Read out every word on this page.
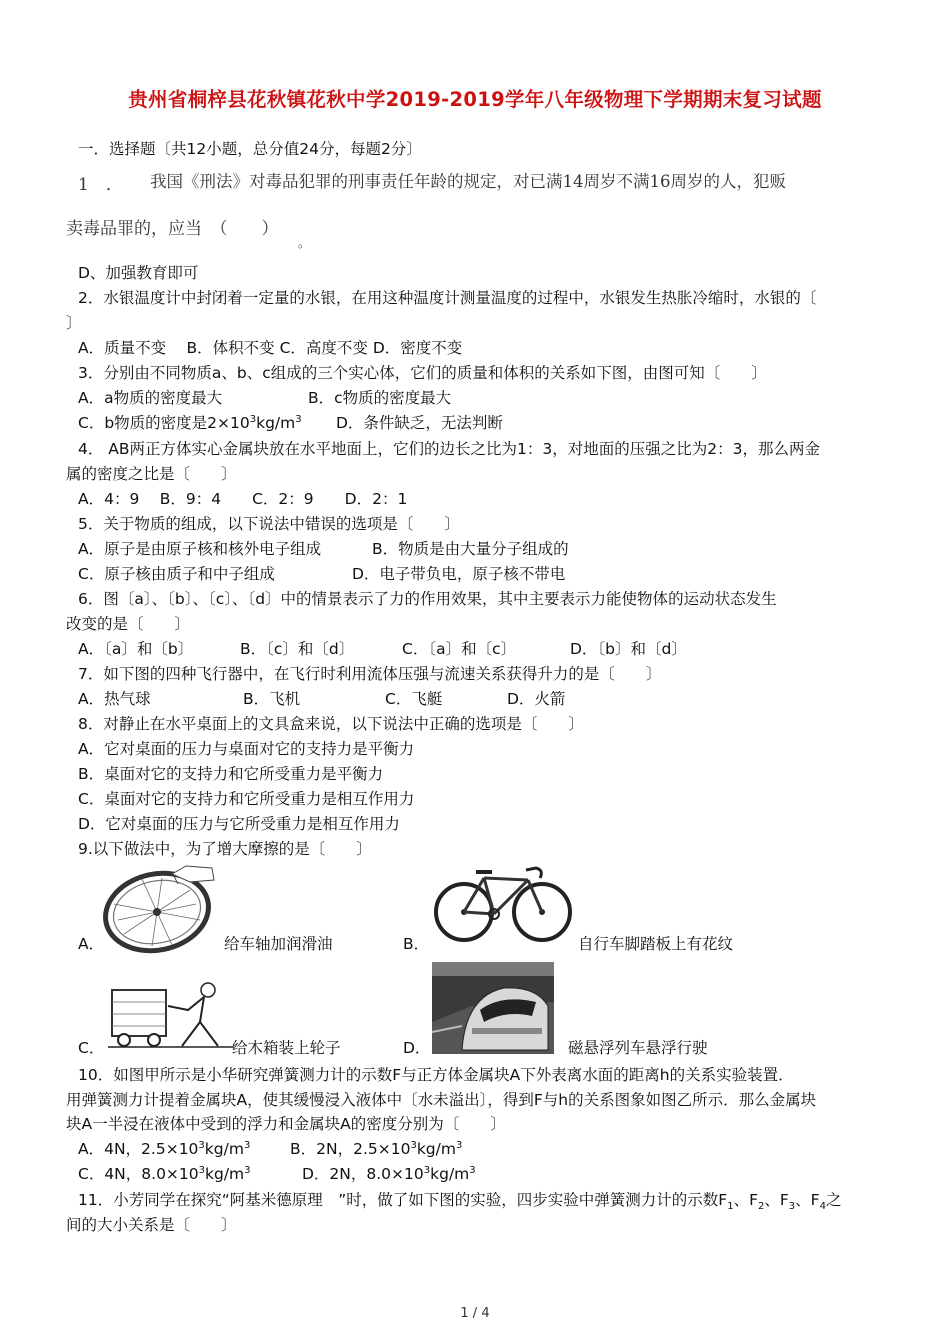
贵州省桐梓县花秋镇花秋中学2019-2019学年八年级物理下学期期末复习试题
一．选择题〔共12小题，总分值24分，每题2分〕
1　． 我国《刑法》对毒品犯罪的刑事责任年龄的规定，对已满14周岁不满16周岁的人，犯贩
卖毒品罪的，应当　（　　）
。
D、加强教育即可
2．水银温度计中封闭着一定量的水银，在用这种温度计测量温度的过程中，水银发生热胀冷缩时，水银的〔
〕
A．质量不变　 B．体积不变 C．高度不变 D．密度不变
3．分别由不同物质a、b、c组成的三个实心体，它们的质量和体积的关系如下图，由图可知〔　　〕
A．a物质的密度最大	B．c物质的密度最大
C．b物质的密度是$2\times 10^3kg/m^3$ D．条件缺乏，无法判断
4． AB两正方体实心金属块放在水平地面上，它们的边长之比为1：3，对地面的压强之比为2：3，那么两金
属的密度之比是〔　　〕
A．4：9　 B．9：4　　C．2：9　　D．2：1
5．关于物质的组成，以下说法中错误的选项是〔　　〕
A．原子是由原子核和核外电子组成	B．物质是由大量分子组成的
C．原子核由质子和中子组成	D．电子带负电，原子核不带电
6．图〔a〕、〔b〕、〔c〕、〔d〕中的情景表示了力的作用效果，其中主要表示力能使物体的运动状态发生
改变的是〔　　〕
A．〔a〕和〔b〕	B．〔c〕和〔d〕	C．〔a〕和〔c〕	D．〔b〕和〔d〕
7．如下图的四种飞行器中，在飞行时利用流体压强与流速关系获得升力的是〔　　〕
A．热气球	B．飞机	C．飞艇	D．火箭
8．对静止在水平桌面上的文具盒来说，以下说法中正确的选项是〔　　〕
A．它对桌面的压力与桌面对它的支持力是平衡力
B．桌面对它的支持力和它所受重力是平衡力
C．桌面对它的支持力和它所受重力是相互作用力
D．它对桌面的压力与它所受重力是相互作用力
9.以下做法中，为了增大摩擦的是〔　　〕
A．	给车轴加润滑油	B．	自行车脚踏板上有花纹
C．	给木箱装上轮子	D．	磁悬浮列车悬浮行驶
10．如图甲所示是小华研究弹簧测力计的示数F与正方体金属块A下外表离水面的距离h的关系实验装置．
用弹簧测力计提着金属块A，使其缓慢浸入液体中〔水未溢出〕，得到F与h的关系图象如图乙所示．那么金属块
块A一半浸在液体中受到的浮力和金属块A的密度分别为〔　　〕
A．4N，$2.5\times 10^3kg/m^3$	B．2N，$2.5\times 10^3kg/m^3$
C．4N，$8.0\times 10^3kg/m^3$	D．2N，$8.0\times 10^3kg/m^3$
11．小芳同学在探究“阿基米德原理　”时，做了如下图的实验，四步实验中弹簧测力计的示数$F_1$、$F_2$、$F_3$、$F_4$之
间的大小关系是〔　　〕
1 / 4
